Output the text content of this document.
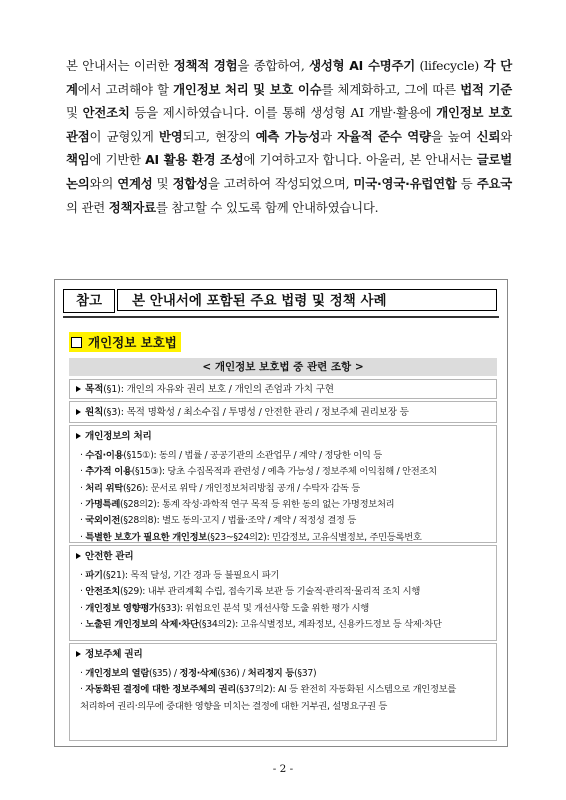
본 안내서는 이러한 정책적 경험을 종합하여, 생성형 AI 수명주기 (lifecycle) 각 단계에서 고려해야 할 개인정보 처리 및 보호 이슈를 체계화하고, 그에 따른 법적 기준 및 안전조치 등을 제시하였습니다. 이를 통해 생성형 AI 개발·활용에 개인정보 보호 관점이 균형있게 반영되고, 현장의 예측 가능성과 자율적 준수 역량을 높여 신뢰와 책임에 기반한 AI 활용 환경 조성에 기여하고자 합니다. 아울러, 본 안내서는 글로벌 논의와의 연계성 및 정합성을 고려하여 작성되었으며, 미국·영국·유럽연합 등 주요국의 관련 정책자료를 참고할 수 있도록 함께 안내하였습니다.
참고	본 안내서에 포함된 주요 법령 및 정책 사례
개인정보 보호법
< 개인정보 보호법 중 관련 조항 >
목적(§1): 개인의 자유와 권리 보호 / 개인의 존엄과 가치 구현
원칙(§3): 목적 명확성 / 최소수집 / 투명성 / 안전한 관리 / 정보주체 권리보장 등
개인정보의 처리
· 수집·이용(§15①): 동의 / 법률 / 공공기관의 소관업무 / 계약 / 정당한 이익 등
· 추가적 이용(§15③): 당초 수집목적과 관련성 / 예측 가능성 / 정보주체 이익침해 / 안전조치
· 처리 위탁(§26): 문서로 위탁 / 개인정보처리방침 공개 / 수탁자 감독 등
· 가명특례(§28의2): 통계 작성·과학적 연구 목적 등 위한 동의 없는 가명정보처리
· 국외이전(§28의8): 별도 동의·고지 / 법률·조약 / 계약 / 적정성 결정 등
· 특별한 보호가 필요한 개인정보(§23~§24의2): 민감정보, 고유식별정보, 주민등록번호
안전한 관리
· 파기(§21): 목적 달성, 기간 경과 등 불필요시 파기
· 안전조치(§29): 내부 관리계획 수립, 접속기록 보관 등 기술적·관리적·물리적 조치 시행
· 개인정보 영향평가(§33): 위험요인 분석 및 개선사항 도출 위한 평가 시행
· 노출된 개인정보의 삭제·차단(§34의2): 고유식별정보, 계좌정보, 신용카드정보 등 삭제·차단
정보주체 권리
· 개인정보의 열람(§35) / 정정·삭제(§36) / 처리정지 등(§37)
· 자동화된 결정에 대한 정보주체의 권리(§37의2): AI 등 완전히 자동화된 시스템으로 개인정보를
처리하여 권리·의무에 중대한 영향을 미치는 결정에 대한 거부권, 설명요구권 등
- 2 -
